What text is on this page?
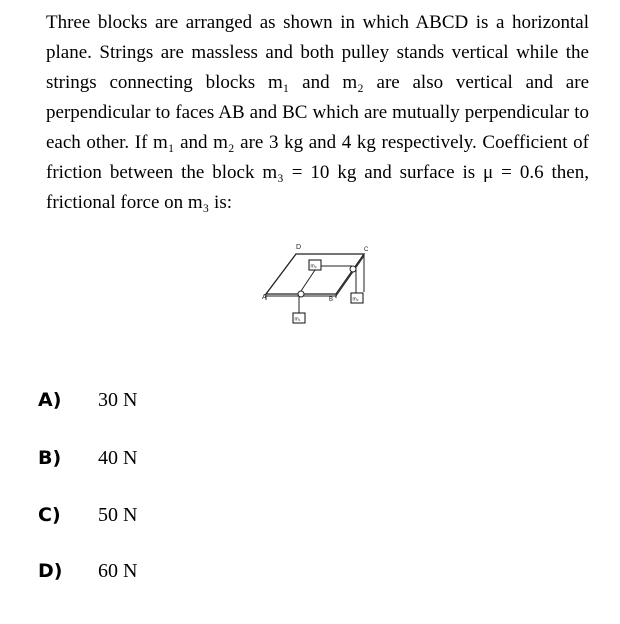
Three blocks are arranged as shown in which ABCD is a horizontal plane. Strings are massless and both pulley stands vertical while the strings connecting blocks m₁ and m₂ are also vertical and are perpendicular to faces AB and BC which are mutually perpendicular to each other. If m₁ and m₂ are 3 kg and 4 kg respectively. Coefficient of friction between the block m₃ = 10 kg and surface is μ = 0.6 then, frictional force on m₃ is:

A	B
C
D
m₃
m₂
m₁
A)	30 N
B)	40 N
C)	50 N
D)	60 N
